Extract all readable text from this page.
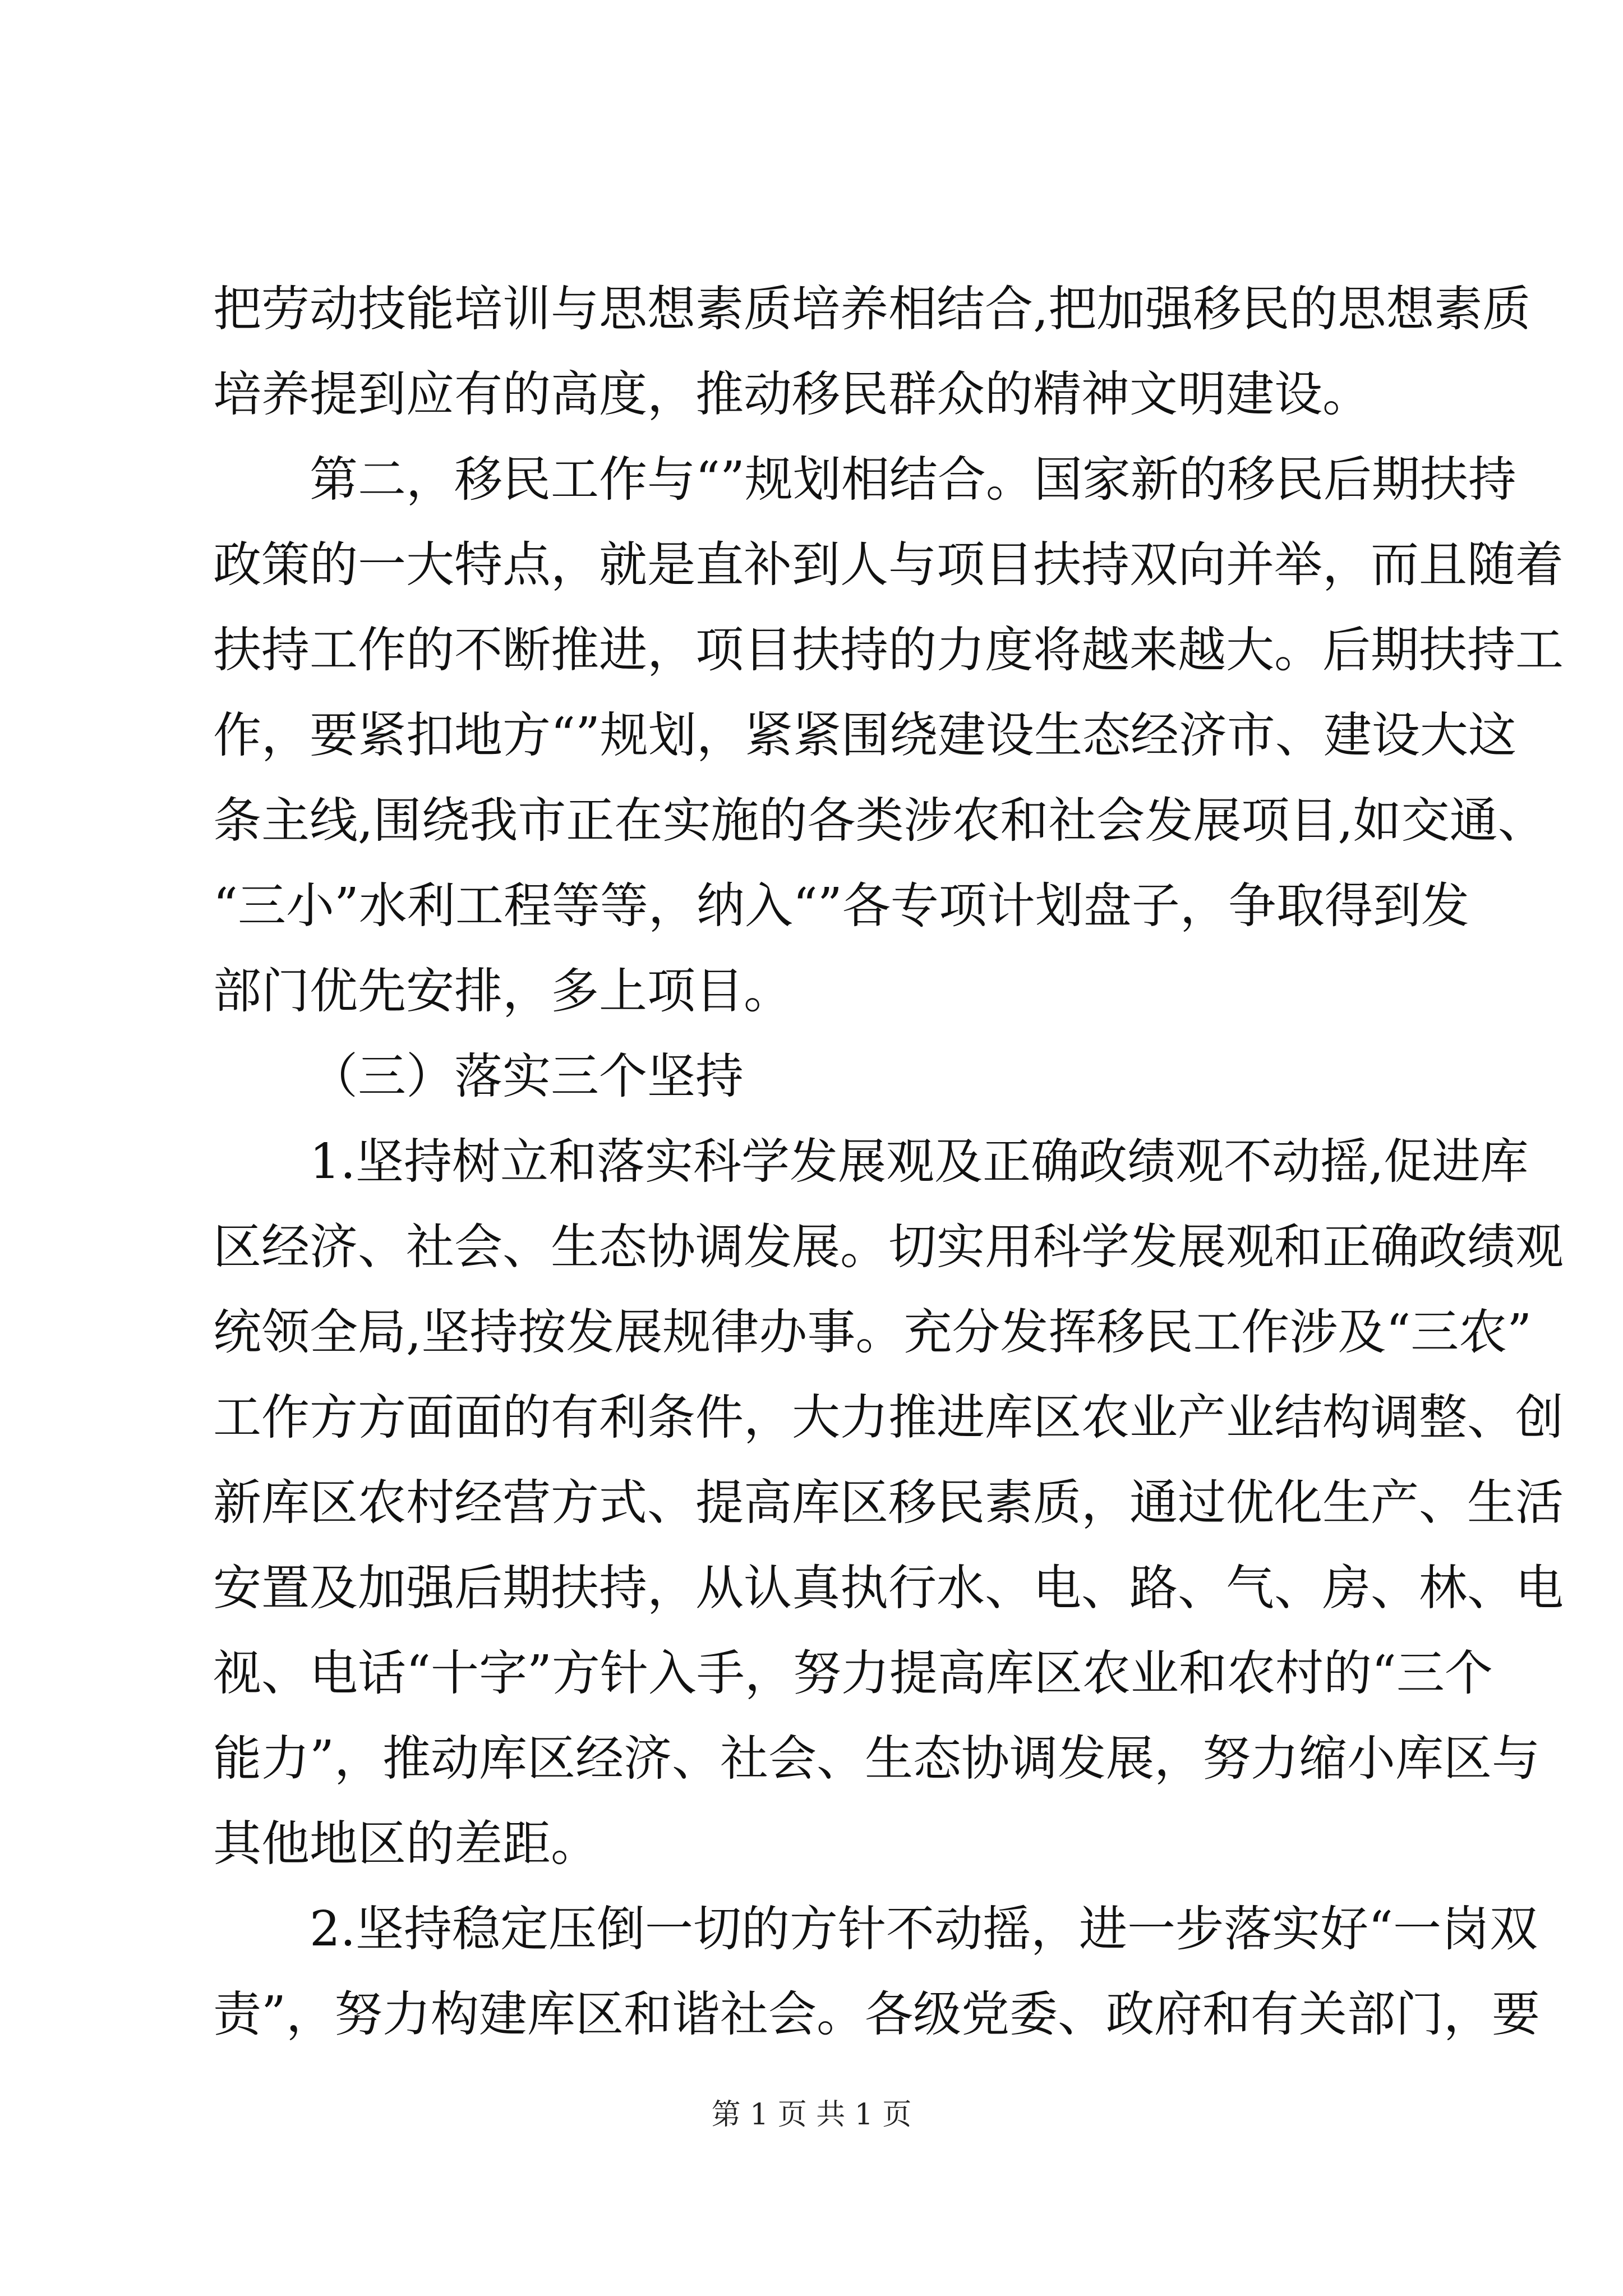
把劳动技能培训与思想素质培养相结合,把加强移民的思想素质
培养提到应有的高度，推动移民群众的精神文明建设。
第二，移民工作与“”规划相结合。国家新的移民后期扶持
政策的一大特点，就是直补到人与项目扶持双向并举，而且随着
扶持工作的不断推进，项目扶持的力度将越来越大。后期扶持工
作，要紧扣地方“”规划，紧紧围绕建设生态经济市、建设大这
条主线,围绕我市正在实施的各类涉农和社会发展项目,如交通、
“三小”水利工程等等，纳入“”各专项计划盘子，争取得到发
部门优先安排，多上项目。
（三）落实三个坚持
1.坚持树立和落实科学发展观及正确政绩观不动摇,促进库
区经济、社会、生态协调发展。切实用科学发展观和正确政绩观
统领全局,坚持按发展规律办事。充分发挥移民工作涉及“三农”
工作方方面面的有利条件，大力推进库区农业产业结构调整、创
新库区农村经营方式、提高库区移民素质，通过优化生产、生活
安置及加强后期扶持，从认真执行水、电、路、气、房、林、电
视、电话“十字”方针入手，努力提高库区农业和农村的“三个
能力”，推动库区经济、社会、生态协调发展，努力缩小库区与
其他地区的差距。
2.坚持稳定压倒一切的方针不动摇，进一步落实好“一岗双
责”，努力构建库区和谐社会。各级党委、政府和有关部门，要
第 1 页 共 1 页
